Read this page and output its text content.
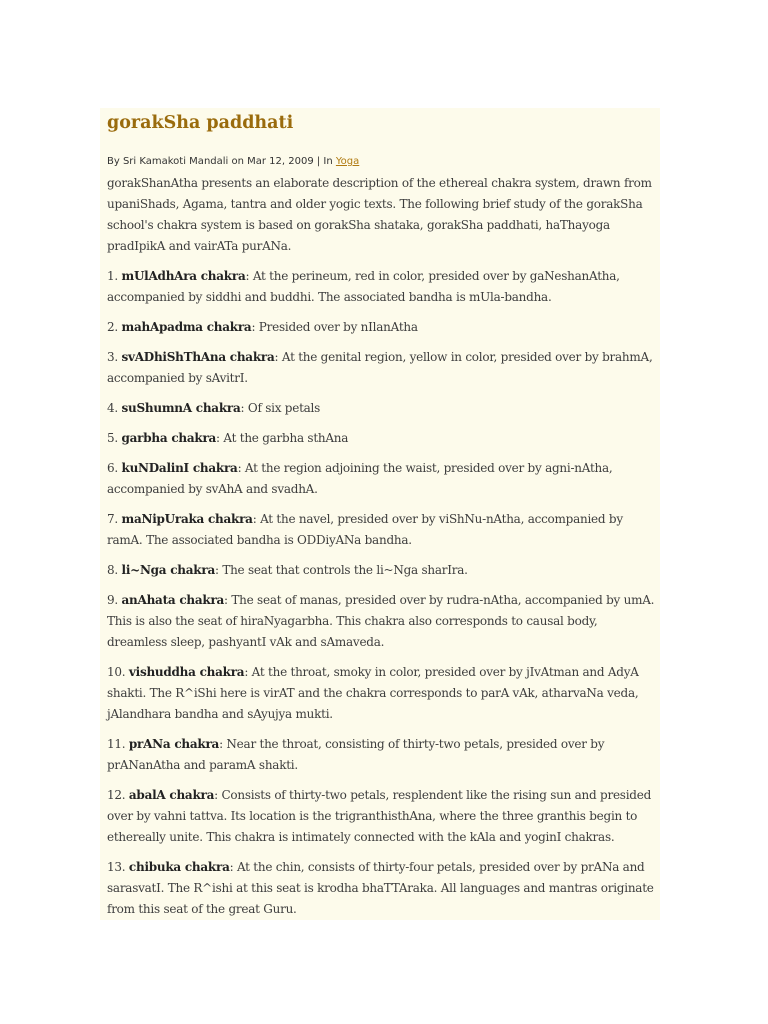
gorakSha paddhati
By Sri Kamakoti Mandali on Mar 12, 2009 | In Yoga
gorakShanAtha presents an elaborate description of the ethereal chakra system, drawn from upaniShads, Agama, tantra and older yogic texts. The following brief study of the gorakSha school's chakra system is based on gorakSha shataka, gorakSha paddhati, haThayoga pradIpikA and vairATa purANa.
1. mUlAdhAra chakra: At the perineum, red in color, presided over by gaNeshanAtha, accompanied by siddhi and buddhi. The associated bandha is mUla-bandha.
2. mahApadma chakra: Presided over by nIlanAtha
3. svADhiShThAna chakra: At the genital region, yellow in color, presided over by brahmA, accompanied by sAvitrI.
4. suShumnA chakra: Of six petals
5. garbha chakra: At the garbha sthAna
6. kuNDalinI chakra: At the region adjoining the waist, presided over by agni-nAtha, accompanied by svAhA and svadhA.
7. maNipUraka chakra: At the navel, presided over by viShNu-nAtha, accompanied by ramA. The associated bandha is ODDiyANa bandha.
8. li~Nga chakra: The seat that controls the li~Nga sharIra.
9. anAhata chakra: The seat of manas, presided over by rudra-nAtha, accompanied by umA. This is also the seat of hiraNyagarbha. This chakra also corresponds to causal body, dreamless sleep, pashyantI vAk and sAmaveda.
10. vishuddha chakra: At the throat, smoky in color, presided over by jIvAtman and AdyA shakti. The R^iShi here is virAT and the chakra corresponds to parA vAk, atharvaNa veda, jAlandhara bandha and sAyujya mukti.
11. prANa chakra: Near the throat, consisting of thirty-two petals, presided over by prANanAtha and paramA shakti.
12. abalA chakra: Consists of thirty-two petals, resplendent like the rising sun and presided over by vahni tattva. Its location is the trigranthisthAna, where the three granthis begin to ethereally unite. This chakra is intimately connected with the kAla and yoginI chakras.
13. chibuka chakra: At the chin, consists of thirty-four petals, presided over by prANa and sarasvatI. The R^ishi at this seat is krodha bhaTTAraka. All languages and mantras originate from this seat of the great Guru.
